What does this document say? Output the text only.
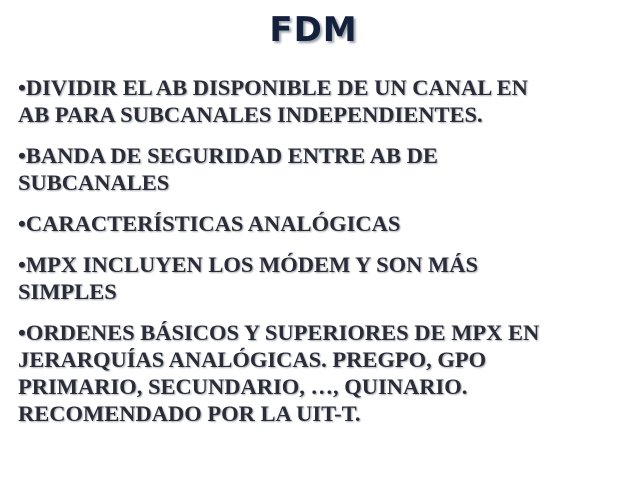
FDM
•DIVIDIR EL AB DISPONIBLE DE UN CANAL EN
AB PARA SUBCANALES INDEPENDIENTES.
•BANDA DE SEGURIDAD ENTRE AB DE
SUBCANALES
•CARACTERÍSTICAS ANALÓGICAS
•MPX INCLUYEN LOS MÓDEM Y SON MÁS
SIMPLES
•ORDENES BÁSICOS Y SUPERIORES DE MPX EN
JERARQUÍAS ANALÓGICAS. PREGPO, GPO
PRIMARIO, SECUNDARIO, …, QUINARIO.
RECOMENDADO POR LA UIT-T.
